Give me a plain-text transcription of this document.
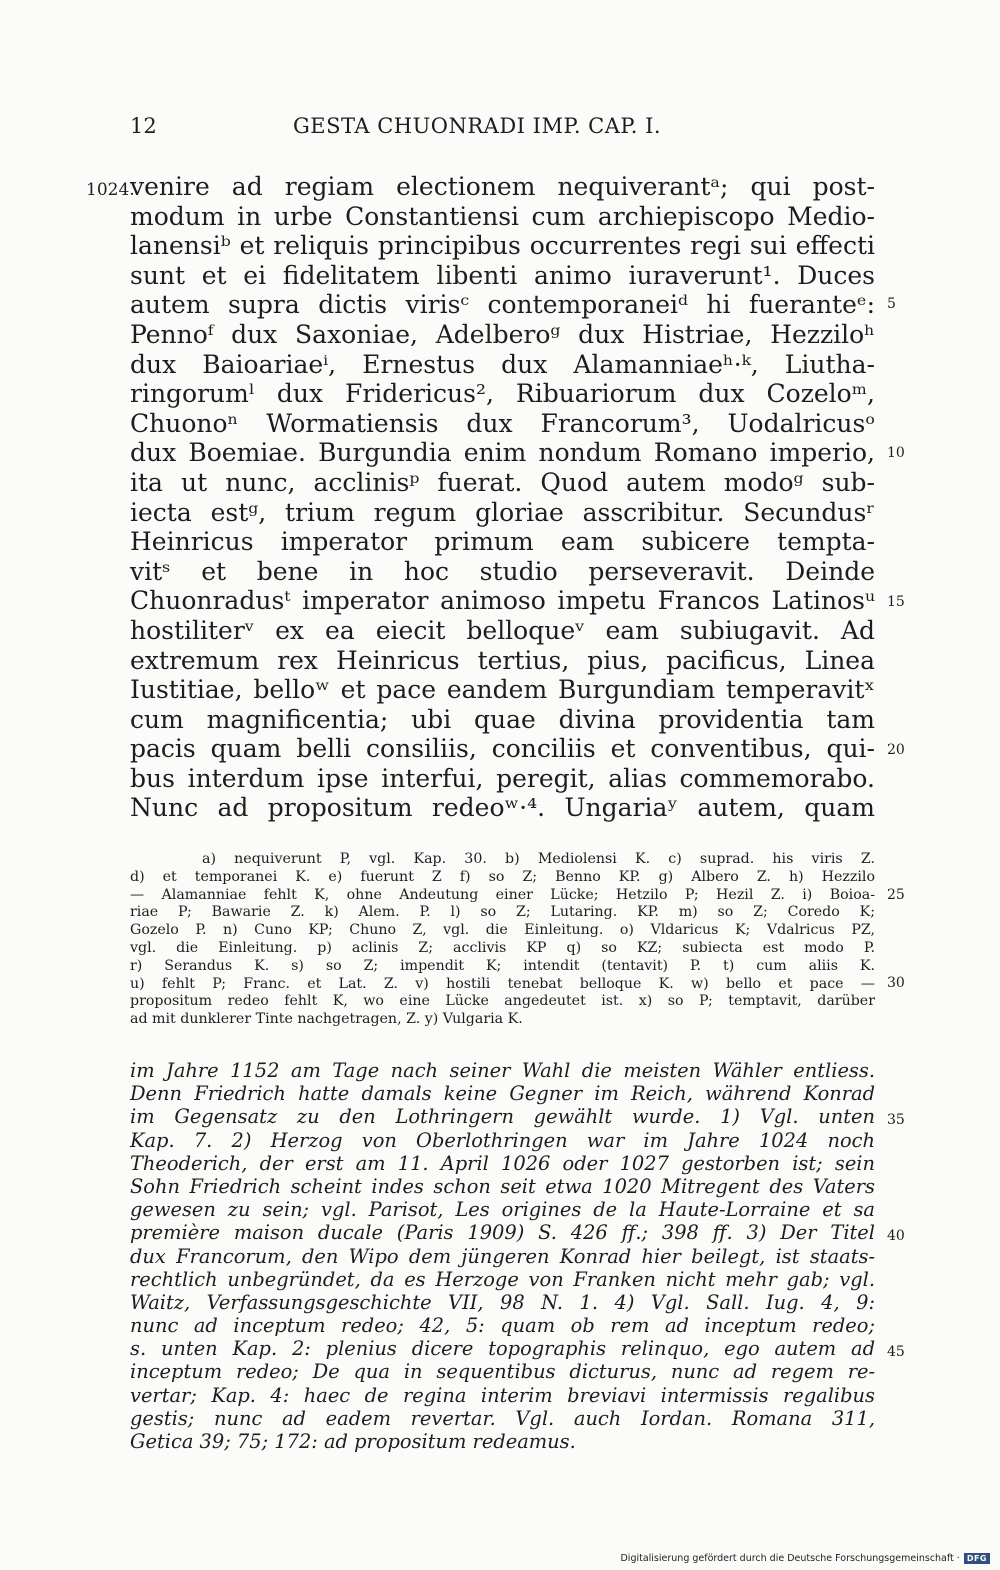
12	GESTA CHUONRADI IMP. CAP. I.
1024.
venire ad regiam electionem nequiverantᵃ; qui post-
modum in urbe Constantiensi cum archiepiscopo Medio-
lanensiᵇ et reliquis principibus occurrentes regi sui effecti
sunt et ei fidelitatem libenti animo iuraverunt¹. Duces
autem supra dictis virisᶜ contemporaneiᵈ hi fueranteᵉ:
Pennoᶠ dux Saxoniae, Adelberoᵍ dux Histriae, Hezziloʰ
dux Baioariaeⁱ, Ernestus dux Alamanniaeʰ·ᵏ, Liutha-
ringorumˡ dux Fridericus², Ribuariorum dux Cozeloᵐ,
Chuonoⁿ Wormatiensis dux Francorum³, Uodalricusᵒ
dux Boemiae. Burgundia enim nondum Romano imperio,
ita ut nunc, acclinisᵖ fuerat. Quod autem modoᵍ sub-
iecta estᵍ, trium regum gloriae asscribitur. Secundusʳ
Heinricus imperator primum eam subicere tempta-
vitˢ et bene in hoc studio perseveravit. Deinde
Chuonradusᵗ imperator animoso impetu Francos Latinosᵘ
hostiliterᵛ ex ea eiecit belloqueᵛ eam subiugavit. Ad
extremum rex Heinricus tertius, pius, pacificus, Linea
Iustitiae, belloʷ et pace eandem Burgundiam temperavitˣ
cum magnificentia; ubi quae divina providentia tam
pacis quam belli consiliis, conciliis et conventibus, qui-
bus interdum ipse interfui, peregit, alias commemorabo.
Nunc ad propositum redeoʷ·⁴. Ungariaʸ autem, quam
5
10
15
20
25
30
35
40
45
a) nequiverunt P, vgl. Kap. 30. b) Mediolensi K. c) suprad. his viris Z.
d) et temporanei K. e) fuerunt Z f) so Z; Benno KP. g) Albero Z. h) Hezzilo
— Alamanniae fehlt K, ohne Andeutung einer Lücke; Hetzilo P; Hezil Z. i) Boioa-
riae P; Bawarie Z. k) Alem. P. l) so Z; Lutaring. KP. m) so Z; Coredo K;
Gozelo P. n) Cuno KP; Chuno Z, vgl. die Einleitung. o) Vldaricus K; Vdalricus PZ,
vgl. die Einleitung. p) aclinis Z; acclivis KP q) so KZ; subiecta est modo P.
r) Serandus K. s) so Z; impendit K; intendit (tentavit) P. t) cum aliis K.
u) fehlt P; Franc. et Lat. Z. v) hostili tenebat belloque K. w) bello et pace —
propositum redeo fehlt K, wo eine Lücke angedeutet ist. x) so P; temptavit, darüber
ad mit dunklerer Tinte nachgetragen, Z. y) Vulgaria K.
im Jahre 1152 am Tage nach seiner Wahl die meisten Wähler entliess.
Denn Friedrich hatte damals keine Gegner im Reich, während Konrad
im Gegensatz zu den Lothringern gewählt wurde. 1) Vgl. unten
Kap. 7. 2) Herzog von Oberlothringen war im Jahre 1024 noch
Theoderich, der erst am 11. April 1026 oder 1027 gestorben ist; sein
Sohn Friedrich scheint indes schon seit etwa 1020 Mitregent des Vaters
gewesen zu sein; vgl. Parisot, Les origines de la Haute-Lorraine et sa
première maison ducale (Paris 1909) S. 426 ff.; 398 ff. 3) Der Titel
dux Francorum, den Wipo dem jüngeren Konrad hier beilegt, ist staats-
rechtlich unbegründet, da es Herzoge von Franken nicht mehr gab; vgl.
Waitz, Verfassungsgeschichte VII, 98 N. 1. 4) Vgl. Sall. Iug. 4, 9:
nunc ad inceptum redeo; 42, 5: quam ob rem ad inceptum redeo;
s. unten Kap. 2: plenius dicere topographis relinquo, ego autem ad
inceptum redeo; De qua in sequentibus dicturus, nunc ad regem re-
vertar; Kap. 4: haec de regina interim breviavi intermissis regalibus
gestis; nunc ad eadem revertar. Vgl. auch Iordan. Romana 311,
Getica 39; 75; 172: ad propositum redeamus.
Digitalisierung gefördert durch die Deutsche Forschungsgemeinschaft · DFG
